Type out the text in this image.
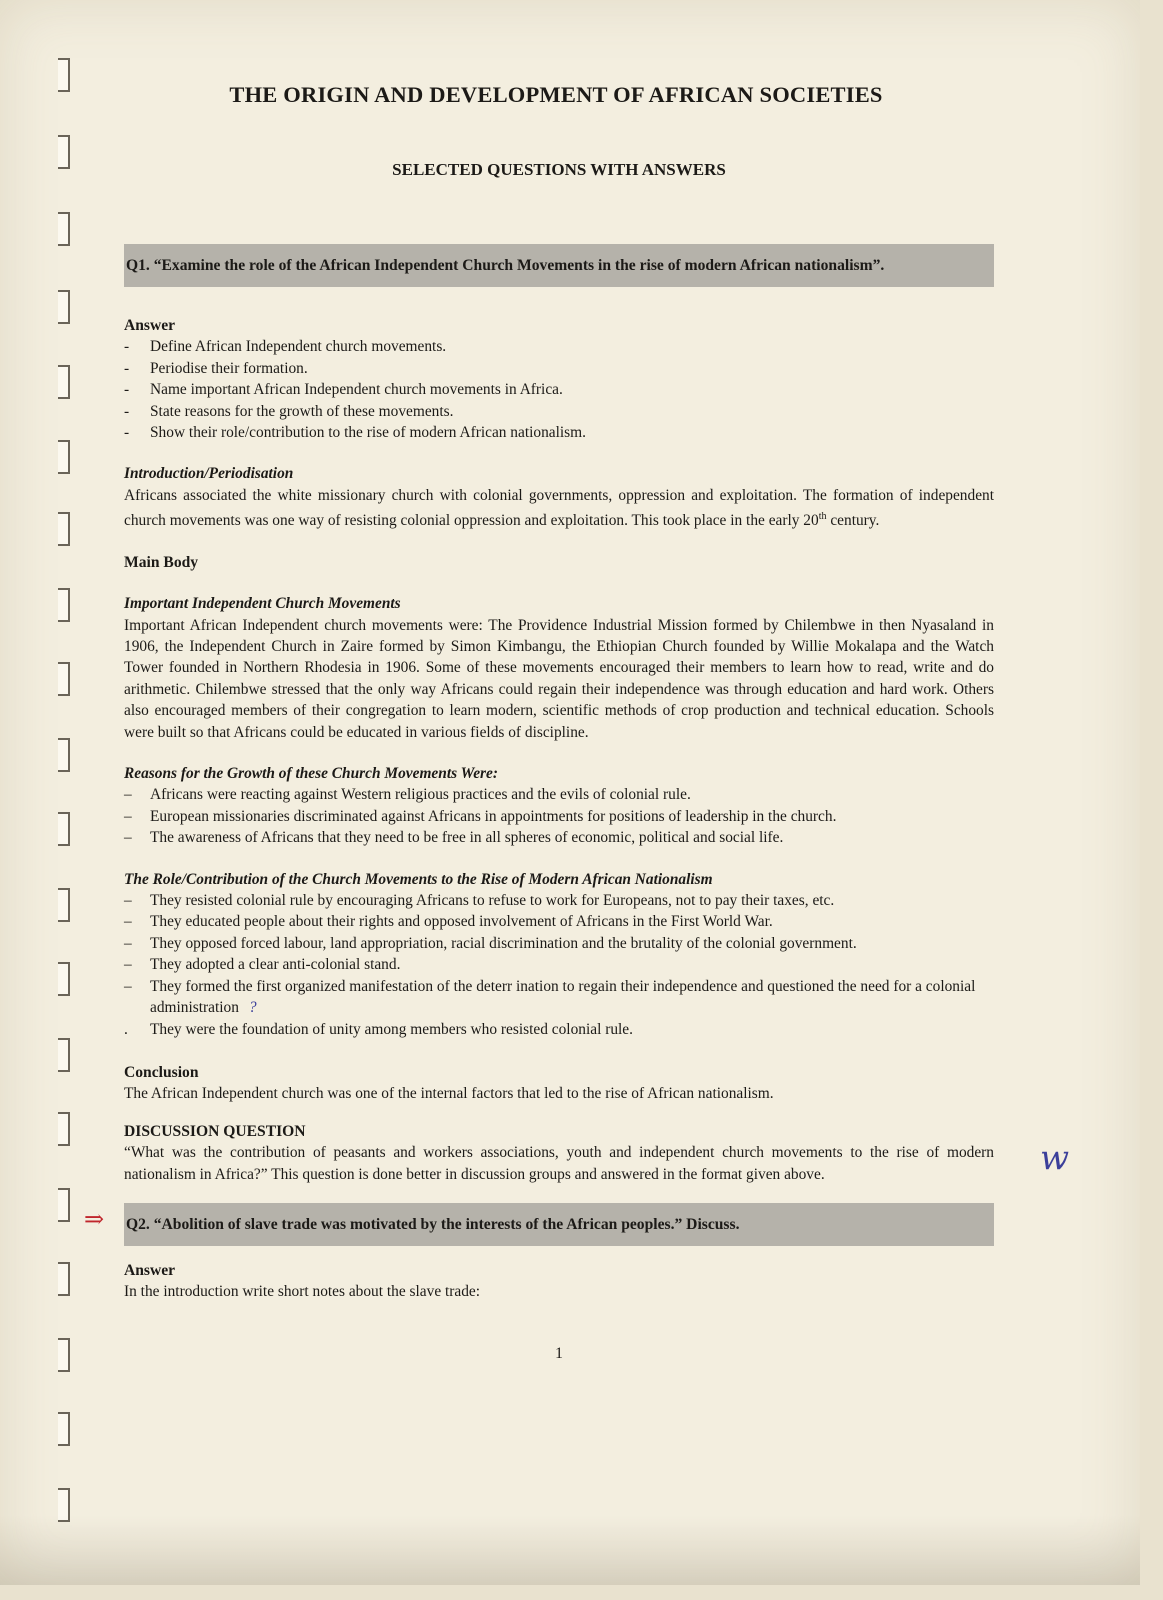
THE ORIGIN AND DEVELOPMENT OF AFRICAN SOCIETIES
SELECTED QUESTIONS WITH ANSWERS
Q1. “Examine the role of the African Independent Church Movements in the rise of modern African nationalism”.
Answer
- Define African Independent church movements.
- Periodise their formation.
- Name important African Independent church movements in Africa.
- State reasons for the growth of these movements.
- Show their role/contribution to the rise of modern African nationalism.
Introduction/Periodisation

Africans associated the white missionary church with colonial governments, oppression and exploitation. The formation of independent church movements was one way of resisting colonial oppression and exploitation. This took place in the early 20th century.

Main Body
Important Independent Church Movements

Important African Independent church movements were: The Providence Industrial Mission formed by Chilembwe in then Nyasaland in 1906, the Independent Church in Zaire formed by Simon Kimbangu, the Ethiopian Church founded by Willie Mokalapa and the Watch Tower founded in Northern Rhodesia in 1906. Some of these movements encouraged their members to learn how to read, write and do arithmetic. Chilembwe stressed that the only way Africans could regain their independence was through education and hard work. Others also encouraged members of their congregation to learn modern, scientific methods of crop production and technical education. Schools were built so that Africans could be educated in various fields of discipline.

Reasons for the Growth of these Church Movements Were:
– Africans were reacting against Western religious practices and the evils of colonial rule.
– European missionaries discriminated against Africans in appointments for positions of leadership in the church.
– The awareness of Africans that they need to be free in all spheres of economic, political and social life.
The Role/Contribution of the Church Movements to the Rise of Modern African Nationalism
– They resisted colonial rule by encouraging Africans to refuse to work for Europeans, not to pay their taxes, etc.
– They educated people about their rights and opposed involvement of Africans in the First World War.
– They opposed forced labour, land appropriation, racial discrimination and the brutality of the colonial government.
– They adopted a clear anti-colonial stand.
– They formed the first organized manifestation of the deterr ination to regain their independence and questioned the need for a colonial administration ?
. They were the foundation of unity among members who resisted colonial rule.
Conclusion

The African Independent church was one of the internal factors that led to the rise of African nationalism.

DISCUSSION QUESTION

“What was the contribution of peasants and workers associations, youth and independent church movements to the rise of modern nationalism in Africa?” This question is done better in discussion groups and answered in the format given above.

⇒ Q2. “Abolition of slave trade was motivated by the interests of the African peoples.” Discuss.
Answer

In the introduction write short notes about the slave trade:

1
w
